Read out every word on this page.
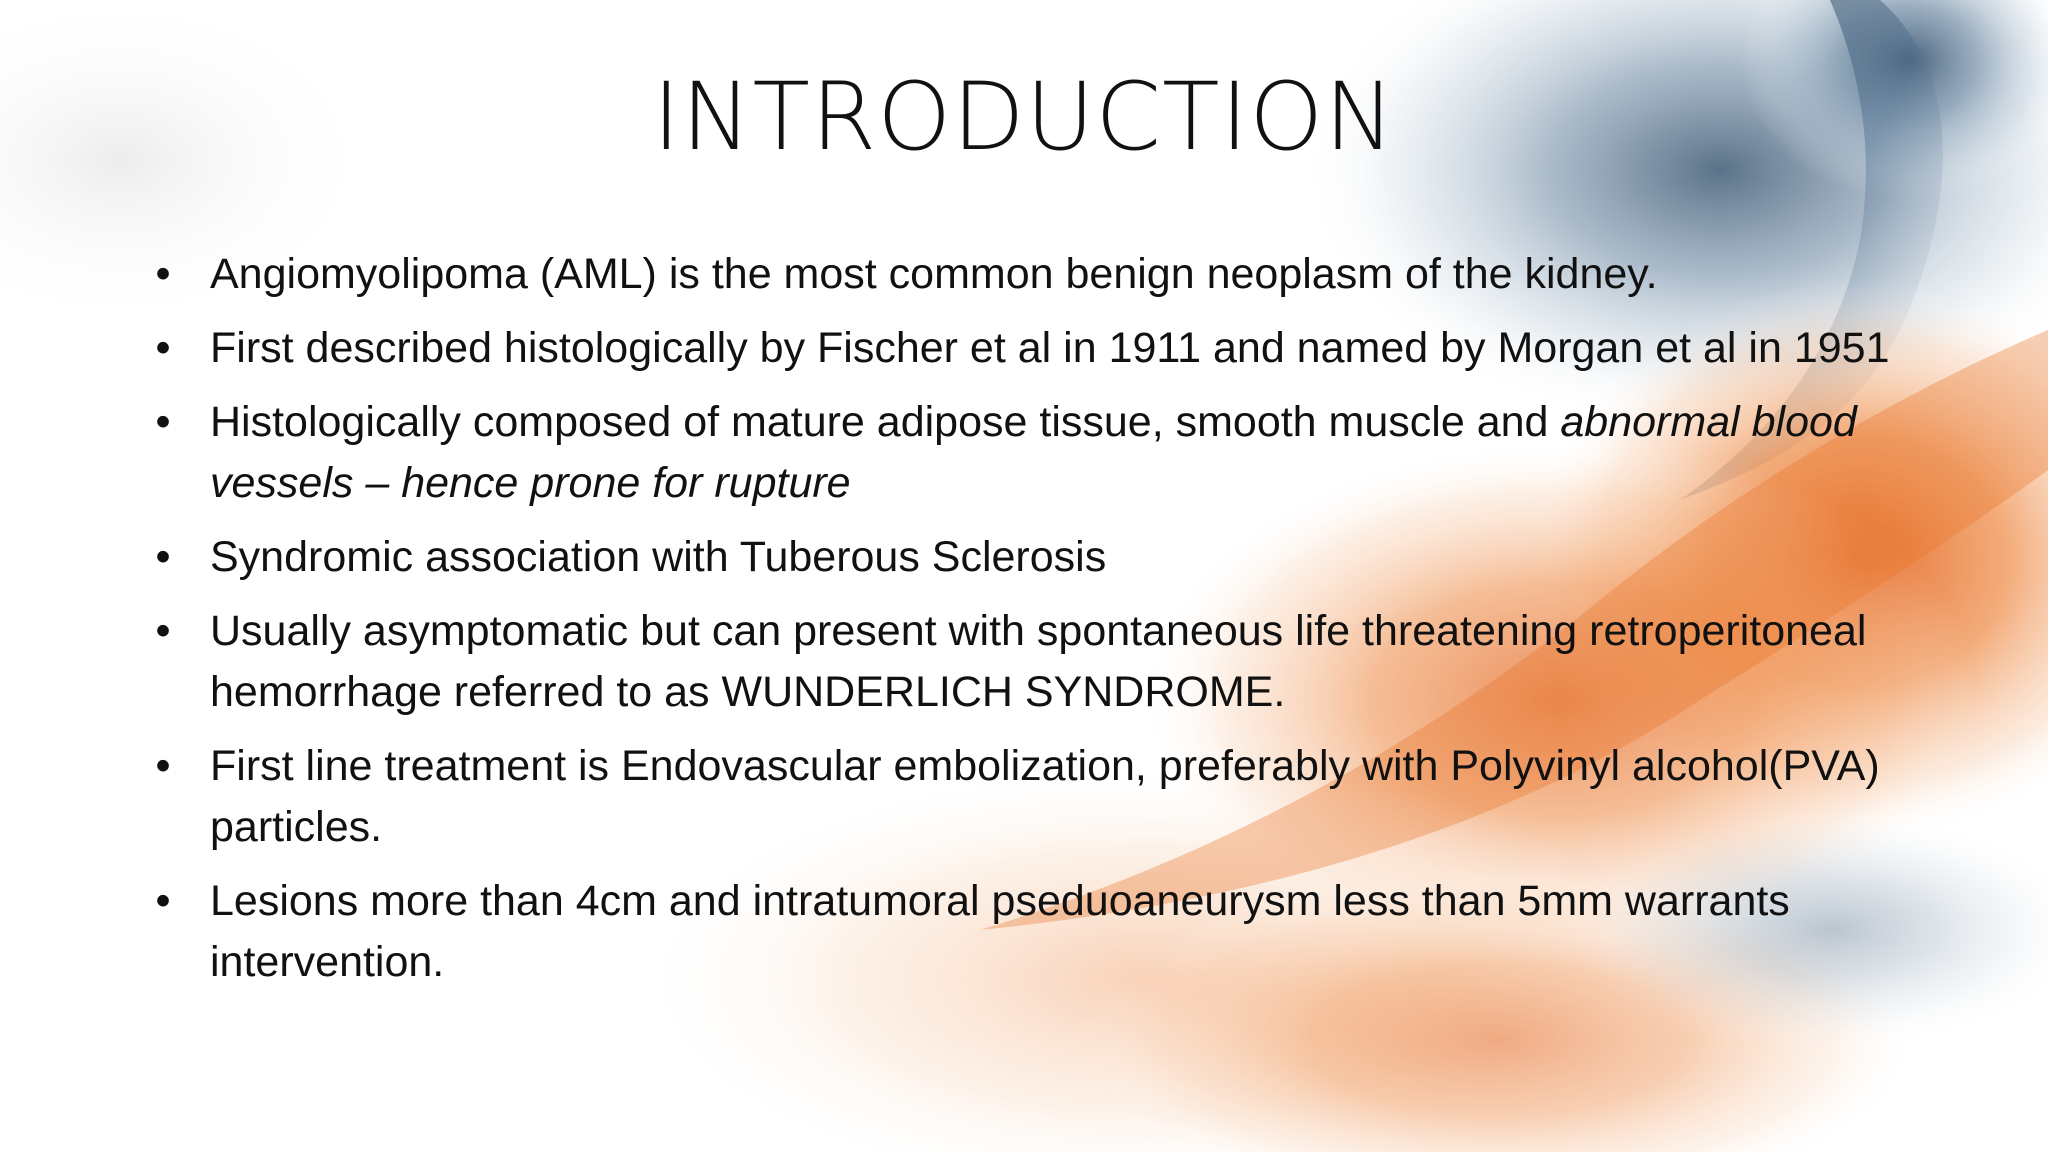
INTRODUCTION
• Angiomyolipoma (AML) is the most common benign neoplasm of the kidney.
• First described histologically by Fischer et al in 1911 and named by Morgan et al in 1951
• Histologically composed of mature adipose tissue, smooth muscle and abnormal blood vessels – hence prone for rupture
• Syndromic association with Tuberous Sclerosis
• Usually asymptomatic but can present with spontaneous life threatening retroperitoneal hemorrhage referred to as WUNDERLICH SYNDROME.
• First line treatment is Endovascular embolization, preferably with Polyvinyl alcohol(PVA) particles.
• Lesions more than 4cm and intratumoral pseduoaneurysm less than 5mm warrants intervention.
